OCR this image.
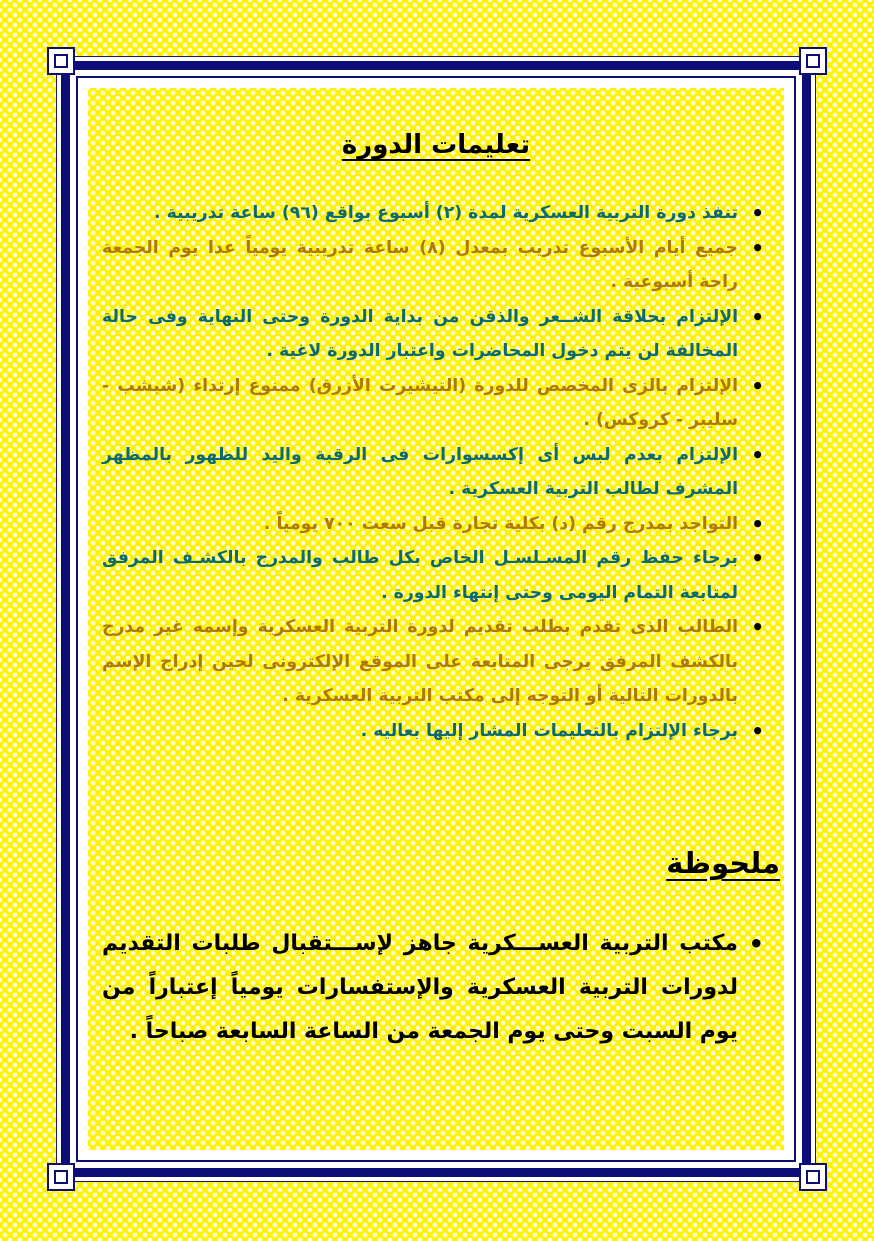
تعليمات الدورة
• تنفذ دورة التربية العسكرية لمدة (٢) أسبوع بواقع (٩٦) ساعة تدريبية .
• جميع أيام الأسبوع تدريب بمعدل (٨) ساعة تدريبية يومياً عدا يوم الجمعة راحة أسبوعية .
• الإلتزام بحلاقة الشــعر والذقن من بداية الدورة وحتى النهاية وفى حالة المخالفة لن يتم دخول المحاضرات واعتبار الدورة لاغية .
• الإلتزام بالزى المخصص للدورة (التيشيرت الأزرق) ممنوع إرتداء (شبشب - سليبر - كروكس) .
• الإلتزام بعدم لبس أى إكسسوارات فى الرقبة واليد للظهور بالمظهر المشرف لطالب التربية العسكرية .
• التواجد بمدرج رقم (د) بكلية تجارة قبل سعت ٧٠٠ يومياً .
• برجاء حفظ رقم المسـلسـل الخاص بكل طالب والمدرج بالكشـف المرفق لمتابعة التمام اليومى وحتى إنتهاء الدورة .
• الطالب الذى تقدم بطلب تقديم لدورة التربية العسكرية وإسمه غير مدرج بالكشف المرفق يرجى المتابعة على الموقع الإلكترونى لحين إدراج الإسم بالدورات التالية أو التوجه إلى مكتب التربية العسكرية .
• برجاء الإلتزام بالتعليمات المشار إليها بعاليه .
ملحوظة
• مكتب التربية العســـكرية جاهز لإســـتقبال طلبات التقديم لدورات التربية العسكرية والإستفسارات يومياً إعتباراً من يوم السبت وحتى يوم الجمعة من الساعة السابعة صباحاً .
